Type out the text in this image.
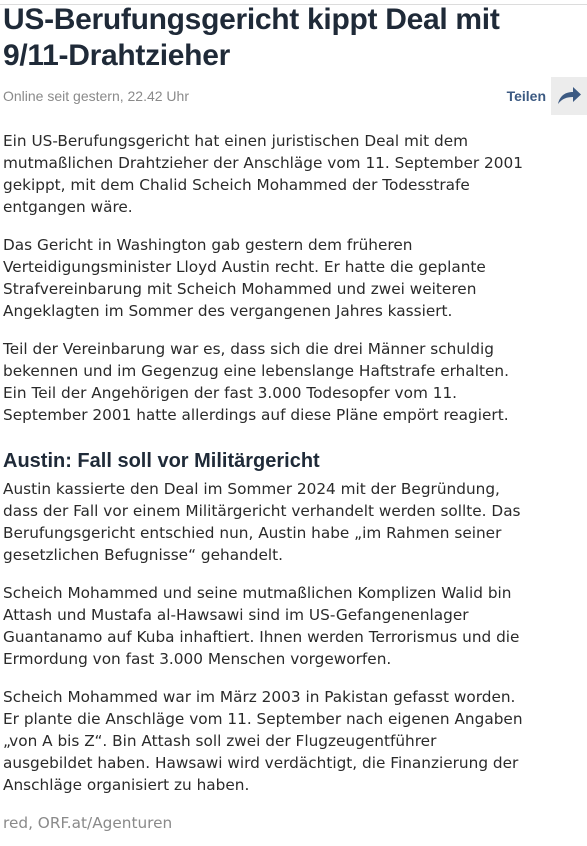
US-Berufungsgericht kippt Deal mit 9/11-Drahtzieher
Online seit gestern, 22.42 Uhr	Teilen

Ein US-Berufungsgericht hat einen juristischen Deal mit dem mutmaßlichen Drahtzieher der Anschläge vom 11. September 2001 gekippt, mit dem Chalid Scheich Mohammed der Todesstrafe entgangen wäre.

Das Gericht in Washington gab gestern dem früheren Verteidigungsminister Lloyd Austin recht. Er hatte die geplante Strafvereinbarung mit Scheich Mohammed und zwei weiteren Angeklagten im Sommer des vergangenen Jahres kassiert.

Teil der Vereinbarung war es, dass sich die drei Männer schuldig bekennen und im Gegenzug eine lebenslange Haftstrafe erhalten. Ein Teil der Angehörigen der fast 3.000 Todesopfer vom 11. September 2001 hatte allerdings auf diese Pläne empört reagiert.

Austin: Fall soll vor Militärgericht

Austin kassierte den Deal im Sommer 2024 mit der Begründung, dass der Fall vor einem Militärgericht verhandelt werden sollte. Das Berufungsgericht entschied nun, Austin habe „im Rahmen seiner gesetzlichen Befugnisse“ gehandelt.

Scheich Mohammed und seine mutmaßlichen Komplizen Walid bin Attash und Mustafa al-Hawsawi sind im US-Gefangenenlager Guantanamo auf Kuba inhaftiert. Ihnen werden Terrorismus und die Ermordung von fast 3.000 Menschen vorgeworfen.

Scheich Mohammed war im März 2003 in Pakistan gefasst worden. Er plante die Anschläge vom 11. September nach eigenen Angaben „von A bis Z“. Bin Attash soll zwei der Flugzeugentführer ausgebildet haben. Hawsawi wird verdächtigt, die Finanzierung der Anschläge organisiert zu haben.

red, ORF.at/Agenturen
